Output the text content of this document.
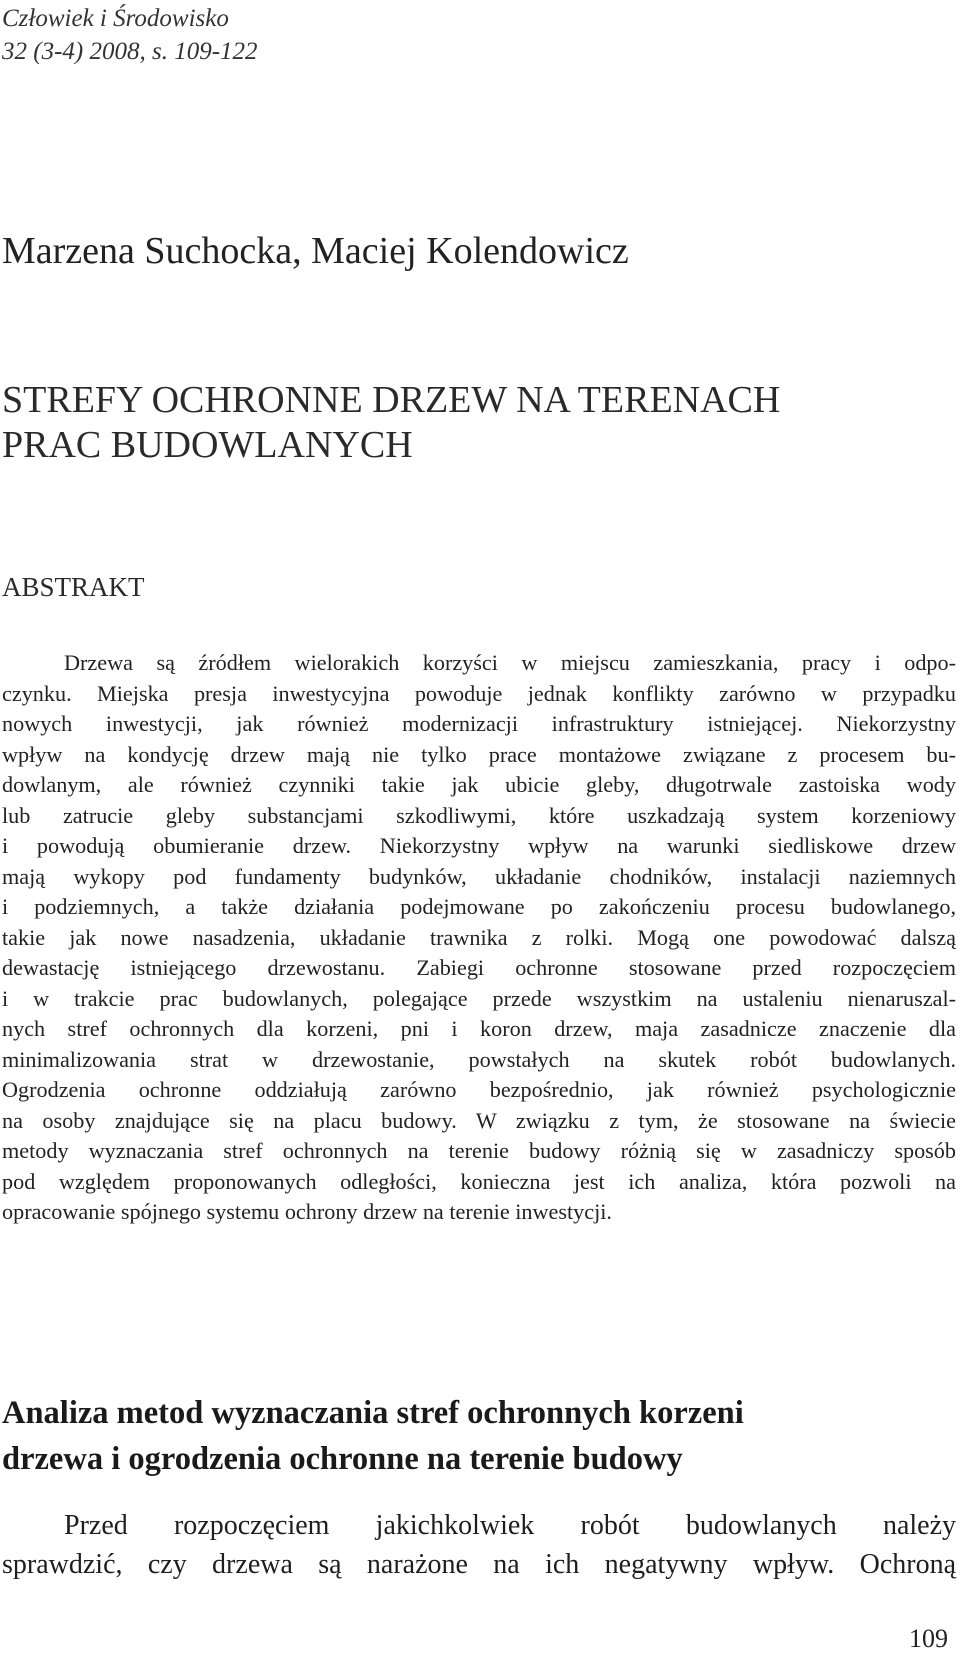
Człowiek i Środowisko
32 (3-4) 2008, s. 109-122
Marzena Suchocka, Maciej Kolendowicz
STREFY OCHRONNE DRZEW NA TERENACH
PRAC BUDOWLANYCH
ABSTRAKT
Drzewa są źródłem wielorakich korzyści w miejscu zamieszkania, pracy i odpo-
czynku. Miejska presja inwestycyjna powoduje jednak konflikty zarówno w przypadku
nowych inwestycji, jak również modernizacji infrastruktury istniejącej. Niekorzystny
wpływ na kondycję drzew mają nie tylko prace montażowe związane z procesem bu-
dowlanym, ale również czynniki takie jak ubicie gleby, długotrwale zastoiska wody
lub zatrucie gleby substancjami szkodliwymi, które uszkadzają system korzeniowy
i powodują obumieranie drzew. Niekorzystny wpływ na warunki siedliskowe drzew
mają wykopy pod fundamenty budynków, układanie chodników, instalacji naziemnych
i podziemnych, a także działania podejmowane po zakończeniu procesu budowlanego,
takie jak nowe nasadzenia, układanie trawnika z rolki. Mogą one powodować dalszą
dewastację istniejącego drzewostanu. Zabiegi ochronne stosowane przed rozpoczęciem
i w trakcie prac budowlanych, polegające przede wszystkim na ustaleniu nienaruszal-
nych stref ochronnych dla korzeni, pni i koron drzew, maja zasadnicze znaczenie dla
minimalizowania strat w drzewostanie, powstałych na skutek robót budowlanych.
Ogrodzenia ochronne oddziałują zarówno bezpośrednio, jak również psychologicznie
na osoby znajdujące się na placu budowy. W związku z tym, że stosowane na świecie
metody wyznaczania stref ochronnych na terenie budowy różnią się w zasadniczy sposób
pod względem proponowanych odległości, konieczna jest ich analiza, która pozwoli na
opracowanie spójnego systemu ochrony drzew na terenie inwestycji.
Analiza metod wyznaczania stref ochronnych korzeni
drzewa i ogrodzenia ochronne na terenie budowy
Przed rozpoczęciem jakichkolwiek robót budowlanych należy
sprawdzić, czy drzewa są narażone na ich negatywny wpływ. Ochroną
109
